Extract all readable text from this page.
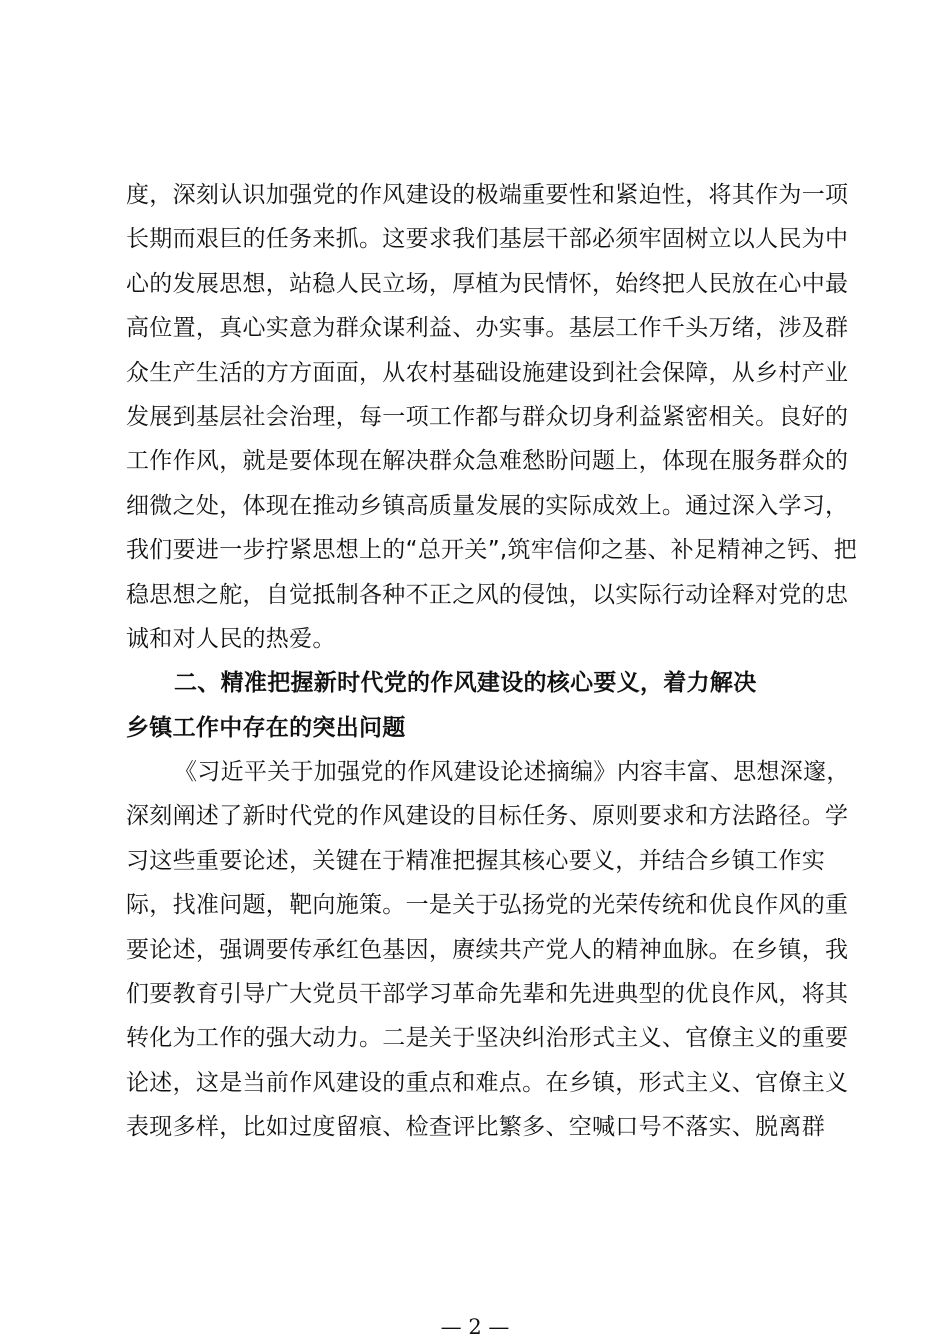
度，深刻认识加强党的作风建设的极端重要性和紧迫性，将其作为一项
长期而艰巨的任务来抓。这要求我们基层干部必须牢固树立以人民为中
心的发展思想，站稳人民立场，厚植为民情怀，始终把人民放在心中最
高位置，真心实意为群众谋利益、办实事。基层工作千头万绪，涉及群
众生产生活的方方面面，从农村基础设施建设到社会保障，从乡村产业
发展到基层社会治理，每一项工作都与群众切身利益紧密相关。良好的
工作作风，就是要体现在解决群众急难愁盼问题上，体现在服务群众的
细微之处，体现在推动乡镇高质量发展的实际成效上。通过深入学习，
我们要进一步拧紧思想上的“总开关”,筑牢信仰之基、补足精神之钙、把
稳思想之舵，自觉抵制各种不正之风的侵蚀，以实际行动诠释对党的忠
诚和对人民的热爱。
二、精准把握新时代党的作风建设的核心要义，着力解决
乡镇工作中存在的突出问题
《习近平关于加强党的作风建设论述摘编》内容丰富、思想深邃，
深刻阐述了新时代党的作风建设的目标任务、原则要求和方法路径。学
习这些重要论述，关键在于精准把握其核心要义，并结合乡镇工作实
际，找准问题，靶向施策。一是关于弘扬党的光荣传统和优良作风的重
要论述，强调要传承红色基因，赓续共产党人的精神血脉。在乡镇，我
们要教育引导广大党员干部学习革命先辈和先进典型的优良作风，将其
转化为工作的强大动力。二是关于坚决纠治形式主义、官僚主义的重要
论述，这是当前作风建设的重点和难点。在乡镇，形式主义、官僚主义
表现多样，比如过度留痕、检查评比繁多、空喊口号不落实、脱离群
— 2 —
